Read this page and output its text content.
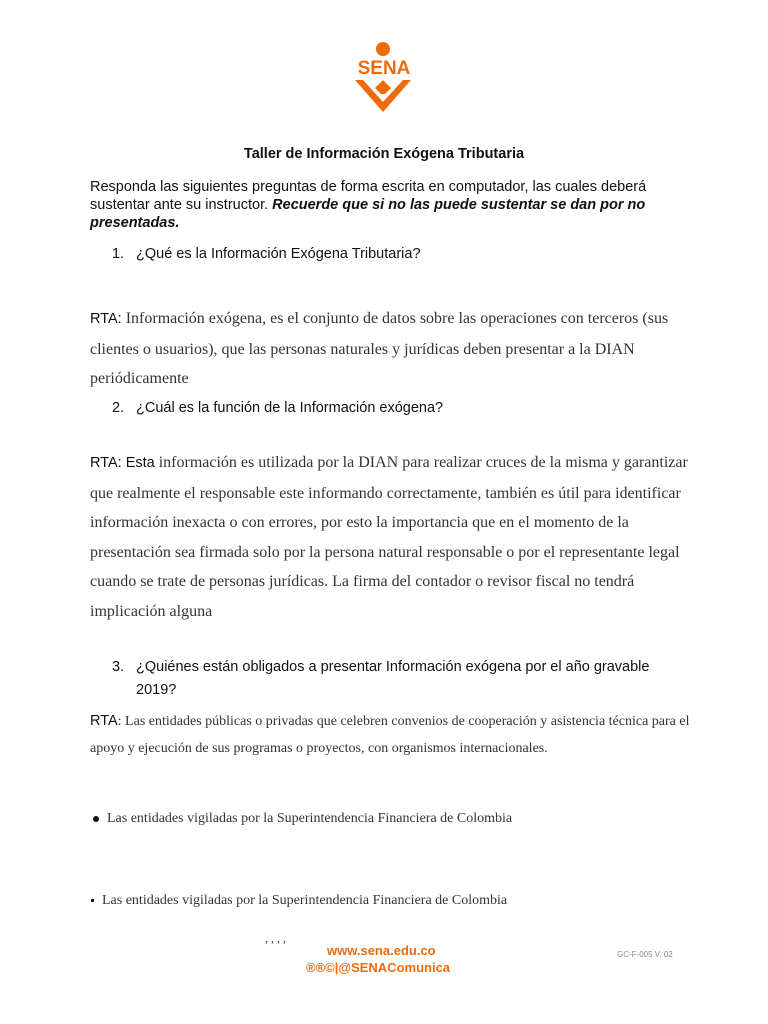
SENA
Taller de Información Exógena Tributaria

Responda las siguientes preguntas de forma escrita en computador, las cuales deberá sustentar ante su instructor. Recuerde que si no las puede sustentar se dan por no presentadas.

1. ¿Qué es la Información Exógena Tributaria?

RTA: Información exógena, es el conjunto de datos sobre las operaciones con terceros (sus clientes o usuarios), que las personas naturales y jurídicas deben presentar a la DIAN periódicamente

2. ¿Cuál es la función de la Información exógena?

RTA: Esta información es utilizada por la DIAN para realizar cruces de la misma y garantizar que realmente el responsable este informando correctamente, también es útil para identificar información inexacta o con errores, por esto la importancia que en el momento de la presentación sea firmada solo por la persona natural responsable o por el representante legal cuando se trate de personas jurídicas. La firma del contador o revisor fiscal no tendrá implicación alguna

3. ¿Quiénes están obligados a presentar Información exógena por el año gravable 2019?

RTA: Las entidades públicas o privadas que celebren convenios de cooperación y asistencia técnica para el apoyo y ejecución de sus programas o proyectos, con organismos internacionales.

Las entidades vigiladas por la Superintendencia Financiera de Colombia

Las entidades vigiladas por la Superintendencia Financiera de Colombia

, , , ,

www.sena.edu.co

®®©|@SENAComunica

GC-F-005 V. 02
